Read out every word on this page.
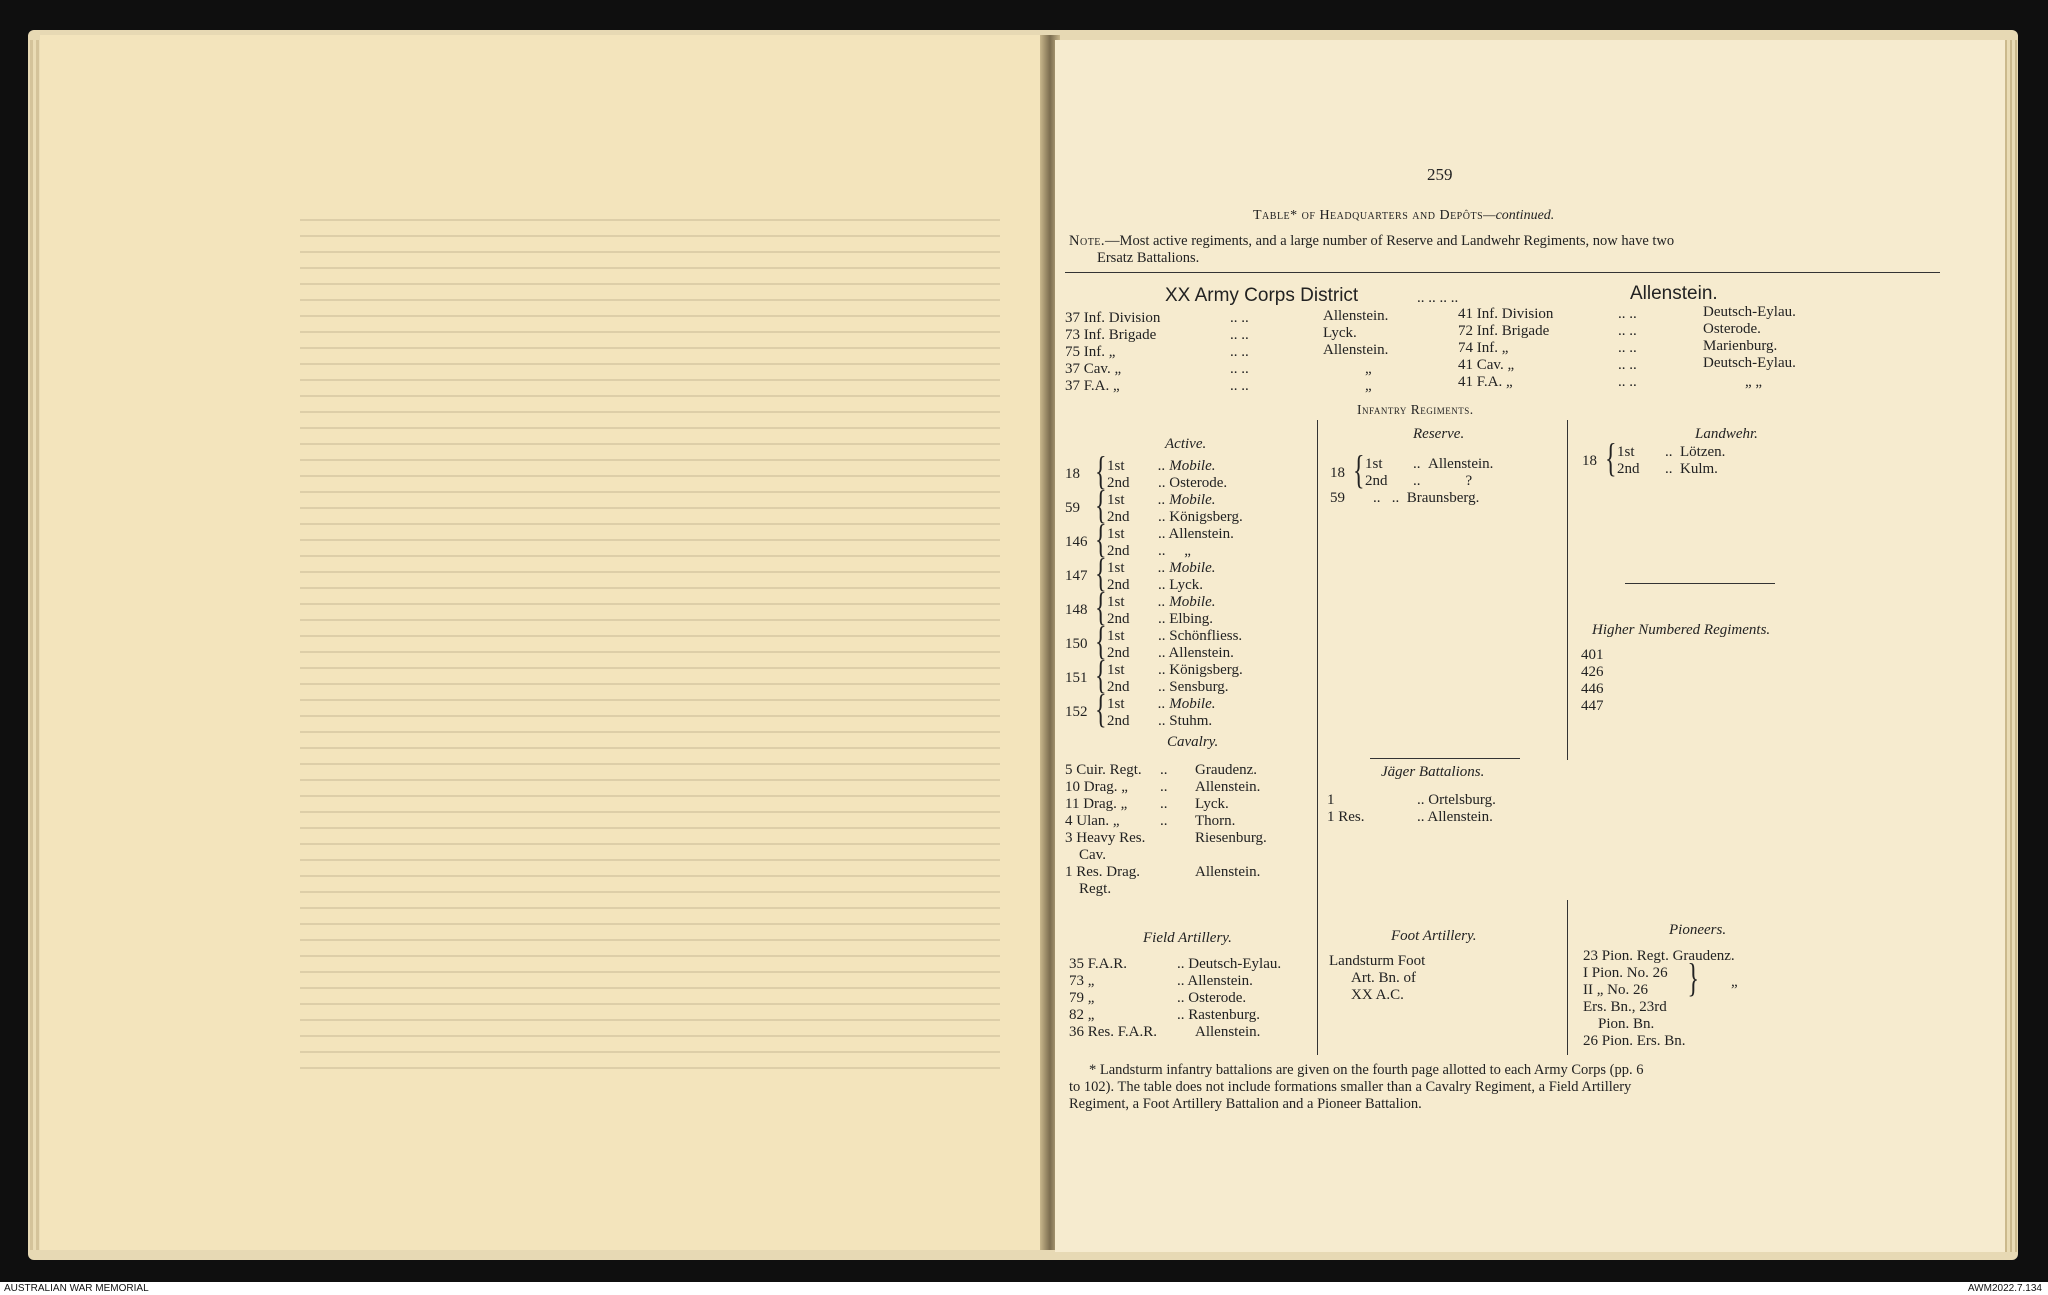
259
Table* of Headquarters and Depôts—continued.
Note.—Most active regiments, and a large number of Reserve and Landwehr Regiments, now have two
Ersatz Battalions.
XX Army Corps District	.. .. .. ..	Allenstein.
37 Inf. Division	.. ..	Allenstein.
73 Inf. Brigade	.. ..	Lyck.
75 Inf. „	.. ..	Allenstein.
37 Cav. „	.. ..	„
37 F.A. „	.. ..	„
41 Inf. Division	.. ..	Deutsch-Eylau.
72 Inf. Brigade	.. ..	Osterode.
74 Inf. „	.. ..	Marienburg.
41 Cav. „	.. ..	Deutsch-Eylau.
41 F.A. „	.. ..	„ „
Infantry Regiments.
Active.
18 { 1st .. Mobile.
2nd .. Osterode.
59 { 1st .. Mobile.
2nd .. Königsberg.
146 { 1st .. Allenstein.
2nd ..     „
147 { 1st .. Mobile.
2nd .. Lyck.
148 { 1st .. Mobile.
2nd .. Elbing.
150 { 1st .. Schönfliess.
2nd .. Allenstein.
151 { 1st .. Königsberg.
2nd .. Sensburg.
152 { 1st .. Mobile.
2nd .. Stuhm.
Reserve.
18 { 1st ..  Allenstein.
2nd ..            ?
59 ..   ..  Braunsberg.
Landwehr.
18 { 1st ..  Lötzen.
2nd ..  Kulm.
Higher Numbered Regiments.
401
426
446
447
Cavalry.
5 Cuir. Regt. .. Graudenz.
10 Drag. „ .. Allenstein.
11 Drag. „ .. Lyck.
4 Ulan. „	.. Thorn.
3 Heavy Res.	Riesenburg.
Cav.
1 Res. Drag.	Allenstein.
Regt.
Jäger Battalions.
1	.. Ortelsburg.
1 Res.	.. Allenstein.
Field Artillery.
35 F.A.R.	.. Deutsch-Eylau.
73 „	.. Allenstein.
79 „	.. Osterode.
82 „	.. Rastenburg.
36 Res. F.A.R.	Allenstein.
Foot Artillery.
Landsturm Foot
Art. Bn. of
XX A.C.
Pioneers.
23 Pion. Regt. Graudenz.
I Pion. No. 26
II „ No. 26 { „
Ers. Bn., 23rd
Pion. Bn.
26 Pion. Ers. Bn.
* Landsturm infantry battalions are given on the fourth page allotted to each Army Corps (pp. 6
to 102). The table does not include formations smaller than a Cavalry Regiment, a Field Artillery
Regiment, a Foot Artillery Battalion and a Pioneer Battalion.
AUSTRALIAN WAR MEMORIAL	AWM2022.7.134
